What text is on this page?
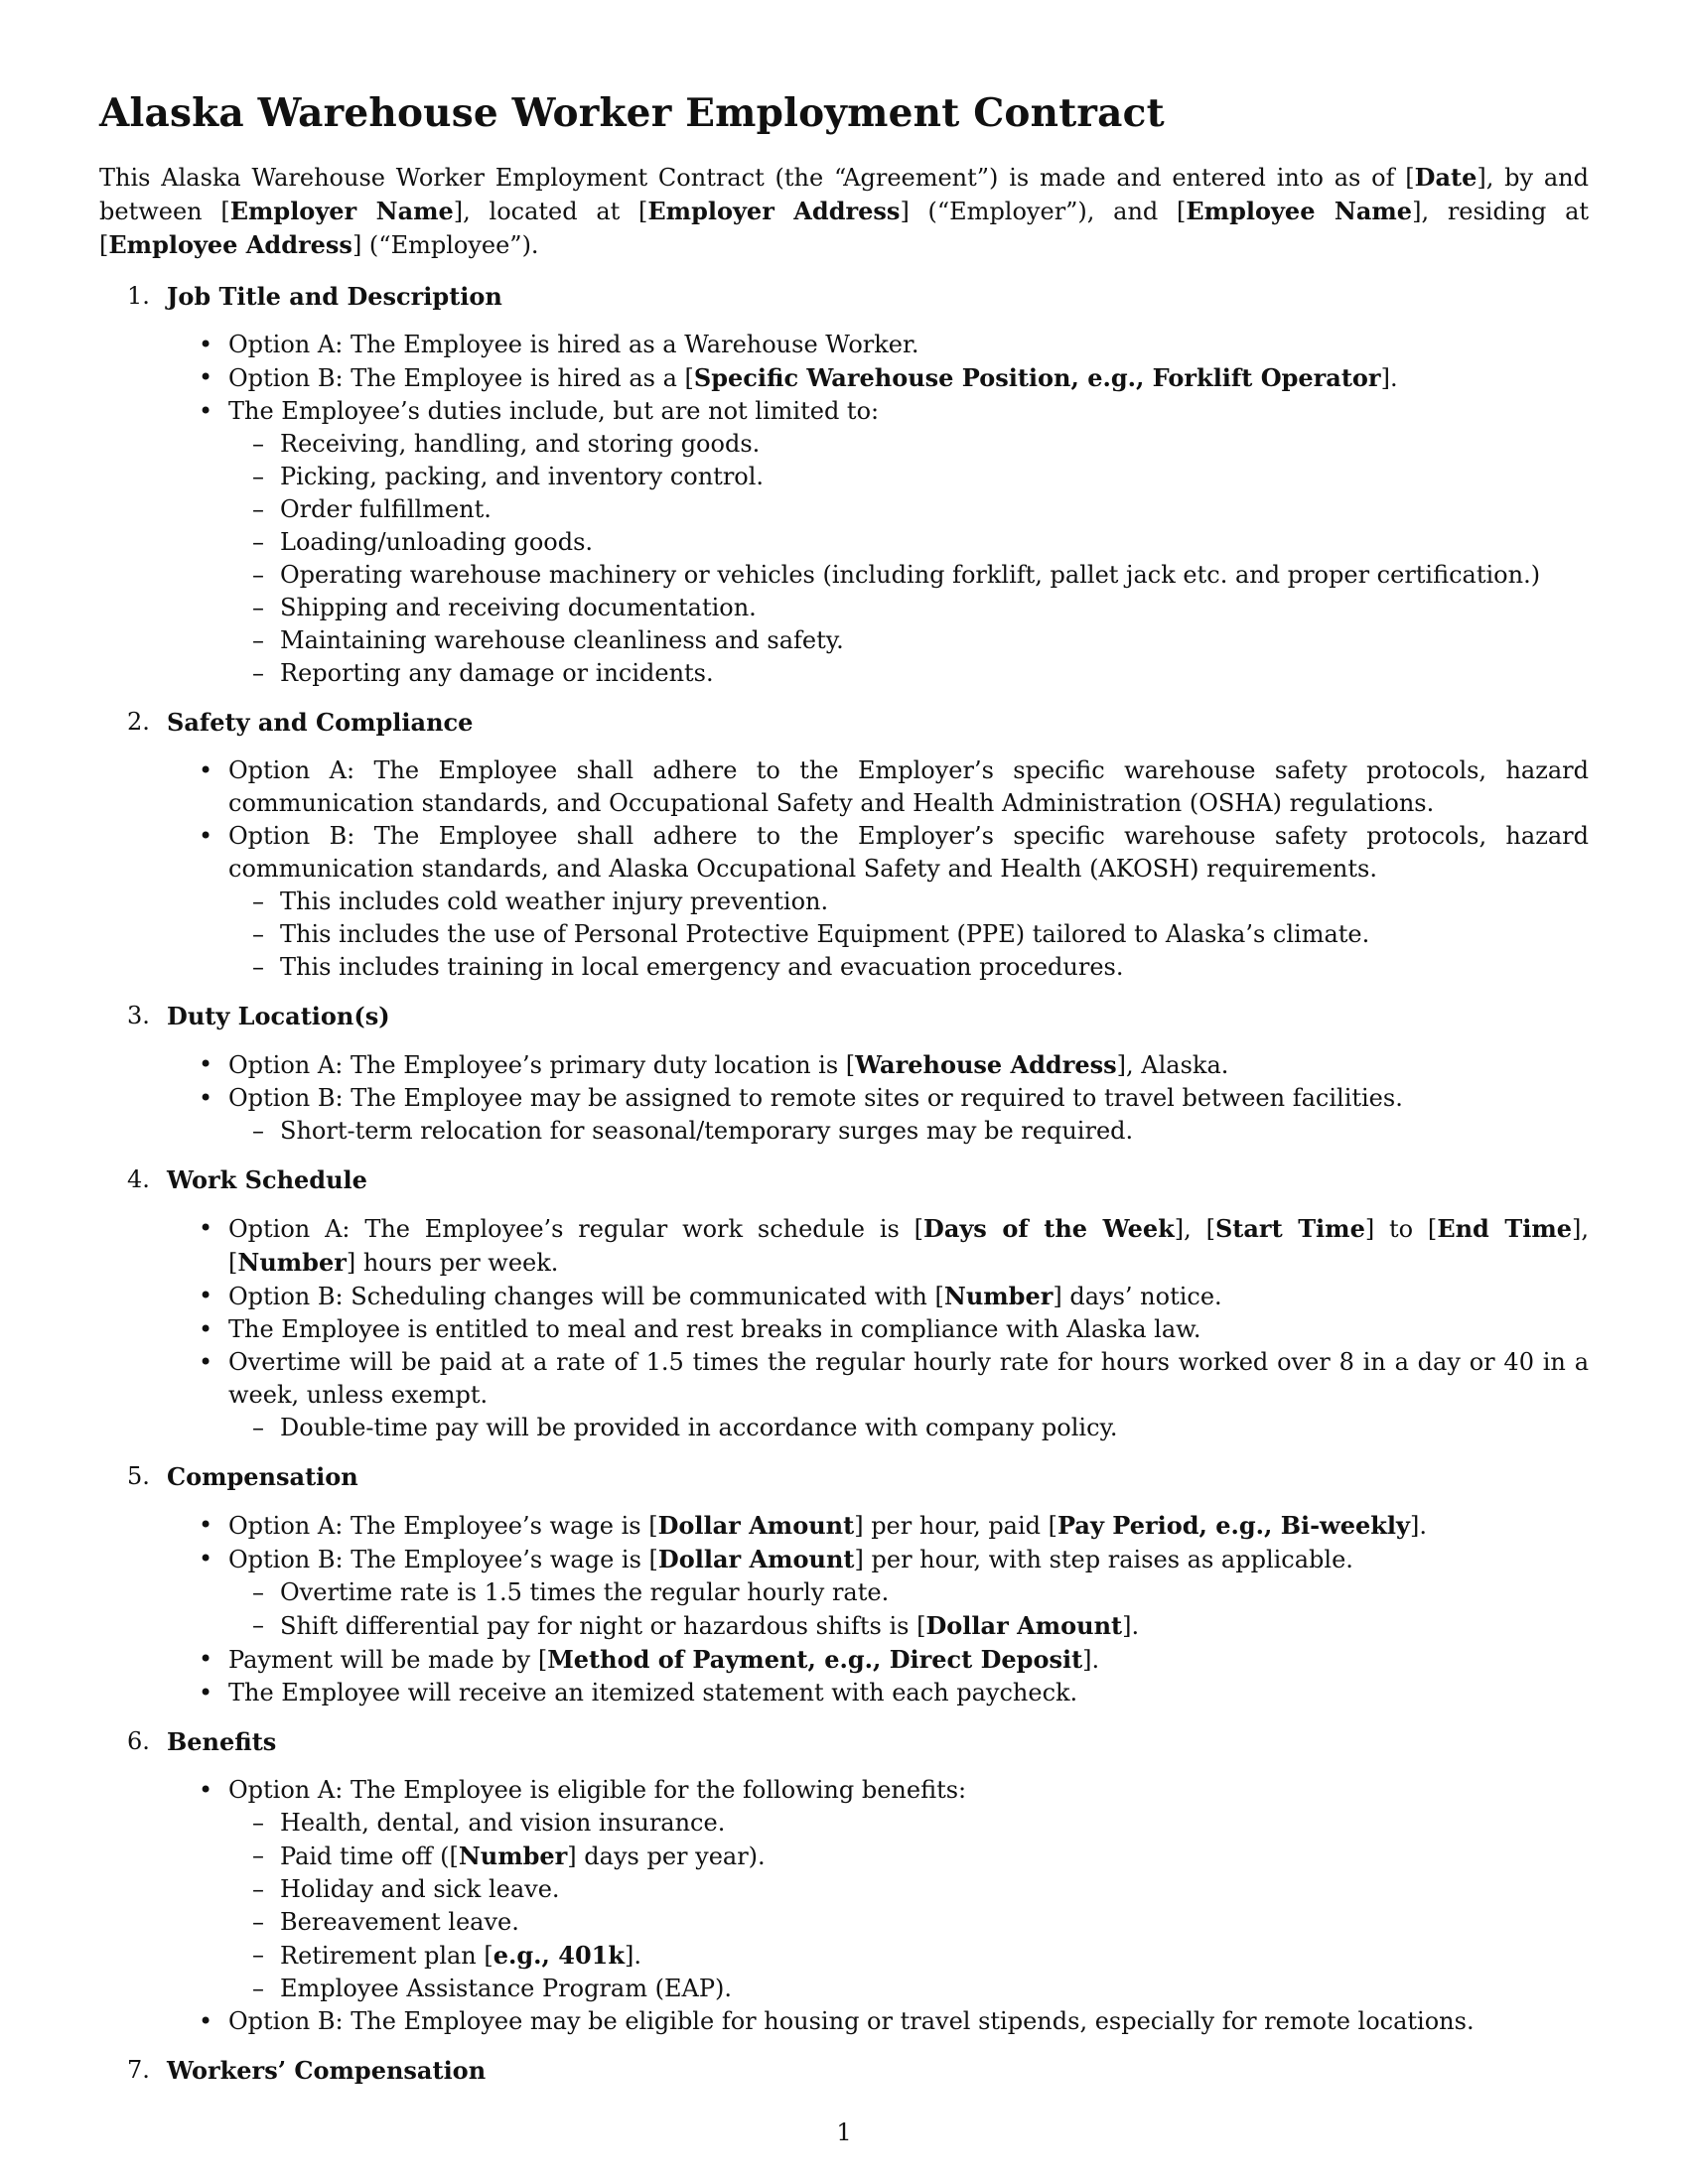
Alaska Warehouse Worker Employment Contract

This Alaska Warehouse Worker Employment Contract (the “Agreement”) is made and entered into as of [Date], by and between [Employer Name], located at [Employer Address] (“Employer”), and [Employee Name], residing at [Employee Address] (“Employee”).

1. Job Title and Description
• Option A: The Employee is hired as a Warehouse Worker.
• Option B: The Employee is hired as a [Specific Warehouse Position, e.g., Forklift Operator].
• The Employee’s duties include, but are not limited to:
– Receiving, handling, and storing goods.
– Picking, packing, and inventory control.
– Order fulfillment.
– Loading/unloading goods.
– Operating warehouse machinery or vehicles (including forklift, pallet jack etc. and proper certification.)
– Shipping and receiving documentation.
– Maintaining warehouse cleanliness and safety.
– Reporting any damage or incidents.
2. Safety and Compliance
• Option A: The Employee shall adhere to the Employer’s specific warehouse safety protocols, hazard communication standards, and Occupational Safety and Health Administration (OSHA) regulations.
• Option B: The Employee shall adhere to the Employer’s specific warehouse safety protocols, hazard communication standards, and Alaska Occupational Safety and Health (AKOSH) requirements.
– This includes cold weather injury prevention.
– This includes the use of Personal Protective Equipment (PPE) tailored to Alaska’s climate.
– This includes training in local emergency and evacuation procedures.
3. Duty Location(s)
• Option A: The Employee’s primary duty location is [Warehouse Address], Alaska.
• Option B: The Employee may be assigned to remote sites or required to travel between facilities.
– Short-term relocation for seasonal/temporary surges may be required.
4. Work Schedule
• Option A: The Employee’s regular work schedule is [Days of the Week], [Start Time] to [End Time], [Number] hours per week.
• Option B: Scheduling changes will be communicated with [Number] days’ notice.
• The Employee is entitled to meal and rest breaks in compliance with Alaska law.
• Overtime will be paid at a rate of 1.5 times the regular hourly rate for hours worked over 8 in a day or 40 in a week, unless exempt.
– Double-time pay will be provided in accordance with company policy.
5. Compensation
• Option A: The Employee’s wage is [Dollar Amount] per hour, paid [Pay Period, e.g., Bi-weekly].
• Option B: The Employee’s wage is [Dollar Amount] per hour, with step raises as applicable.
– Overtime rate is 1.5 times the regular hourly rate.
– Shift differential pay for night or hazardous shifts is [Dollar Amount].
• Payment will be made by [Method of Payment, e.g., Direct Deposit].
• The Employee will receive an itemized statement with each paycheck.
6. Benefits
• Option A: The Employee is eligible for the following benefits:
– Health, dental, and vision insurance.
– Paid time off ([Number] days per year).
– Holiday and sick leave.
– Bereavement leave.
– Retirement plan [e.g., 401k].
– Employee Assistance Program (EAP).
• Option B: The Employee may be eligible for housing or travel stipends, especially for remote locations.
7. Workers’ Compensation
1
